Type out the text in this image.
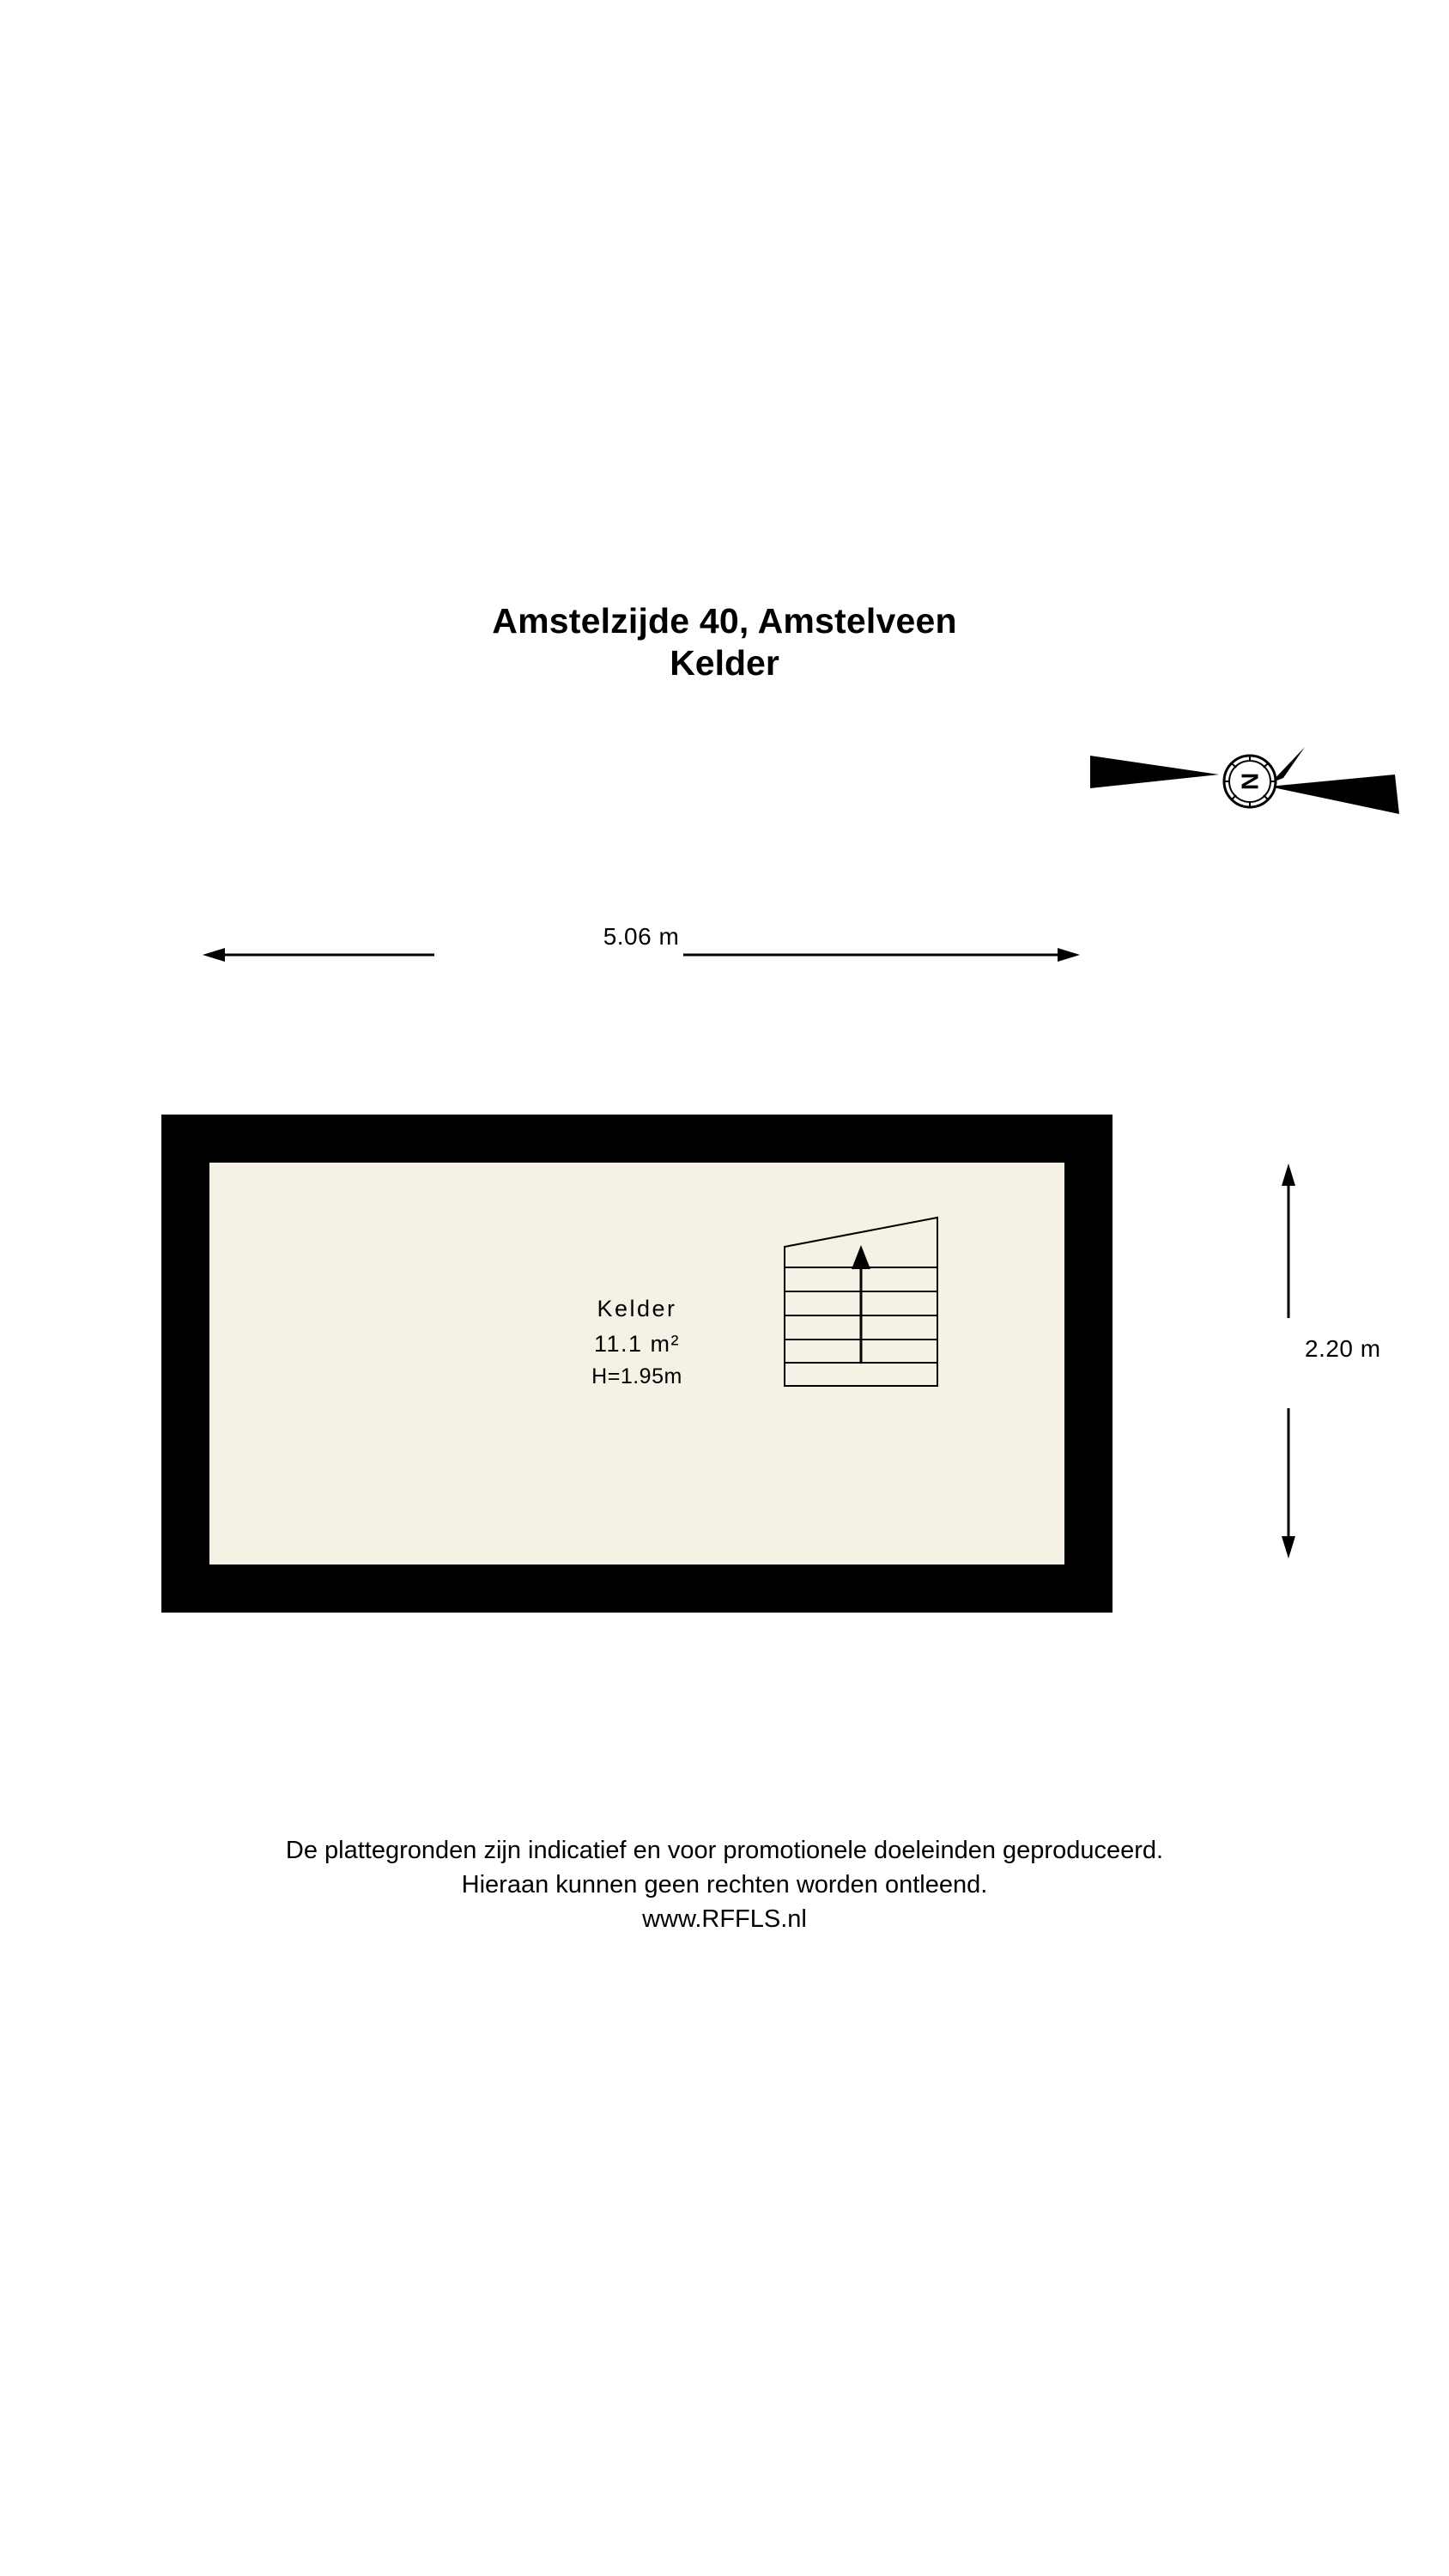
Amstelzijde 40, Amstelveen
Kelder
N
5.06 m
2.20 m
Kelder
11.1 m²
H=1.95m
De plattegronden zijn indicatief en voor promotionele doeleinden geproduceerd.
Hieraan kunnen geen rechten worden ontleend.
www.RFFLS.nl
